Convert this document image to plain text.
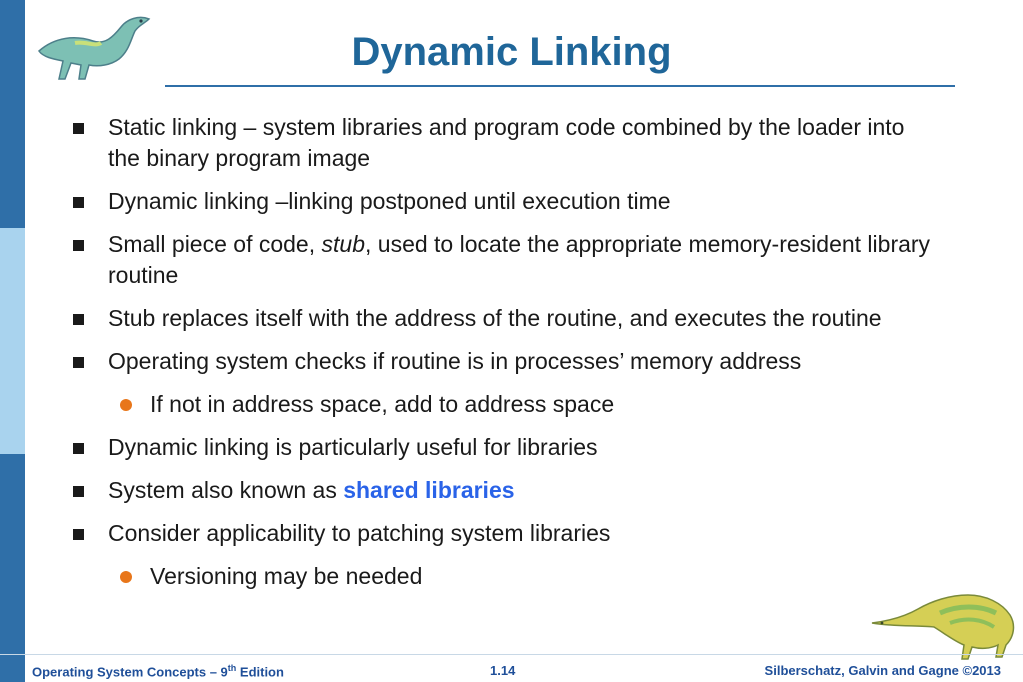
Dynamic Linking
Static linking – system libraries and program code combined by the loader into the binary program image
Dynamic linking –linking postponed until execution time
Small piece of code, stub, used to locate the appropriate memory-resident library routine
Stub replaces itself with the address of the routine, and executes the routine
Operating system checks if routine is in processes’ memory address
If not in address space, add to address space
Dynamic linking is particularly useful for libraries
System also known as shared libraries
Consider applicability to patching system libraries
Versioning may be needed
Operating System Concepts – 9th Edition	1.14	Silberschatz, Galvin and Gagne ©2013
